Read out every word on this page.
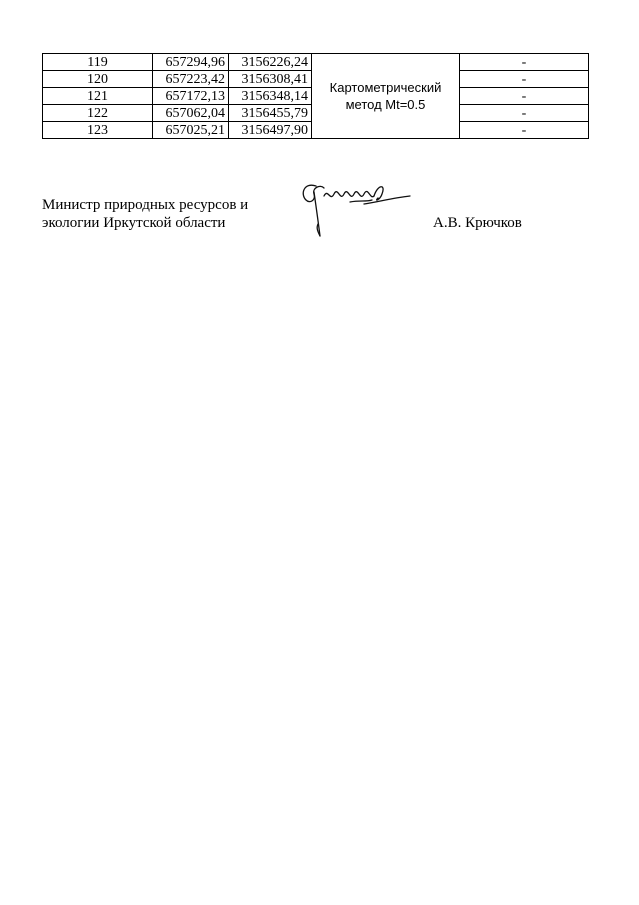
119	657294,96	3156226,24	Картометрический
метод Mt=0.5	-
120	657223,42	3156308,41		-
121	657172,13	3156348,14		-
122	657062,04	3156455,79		-
123	657025,21	3156497,90		-
Министр природных ресурсов и
экологии Иркутской области	А.В. Крючков
